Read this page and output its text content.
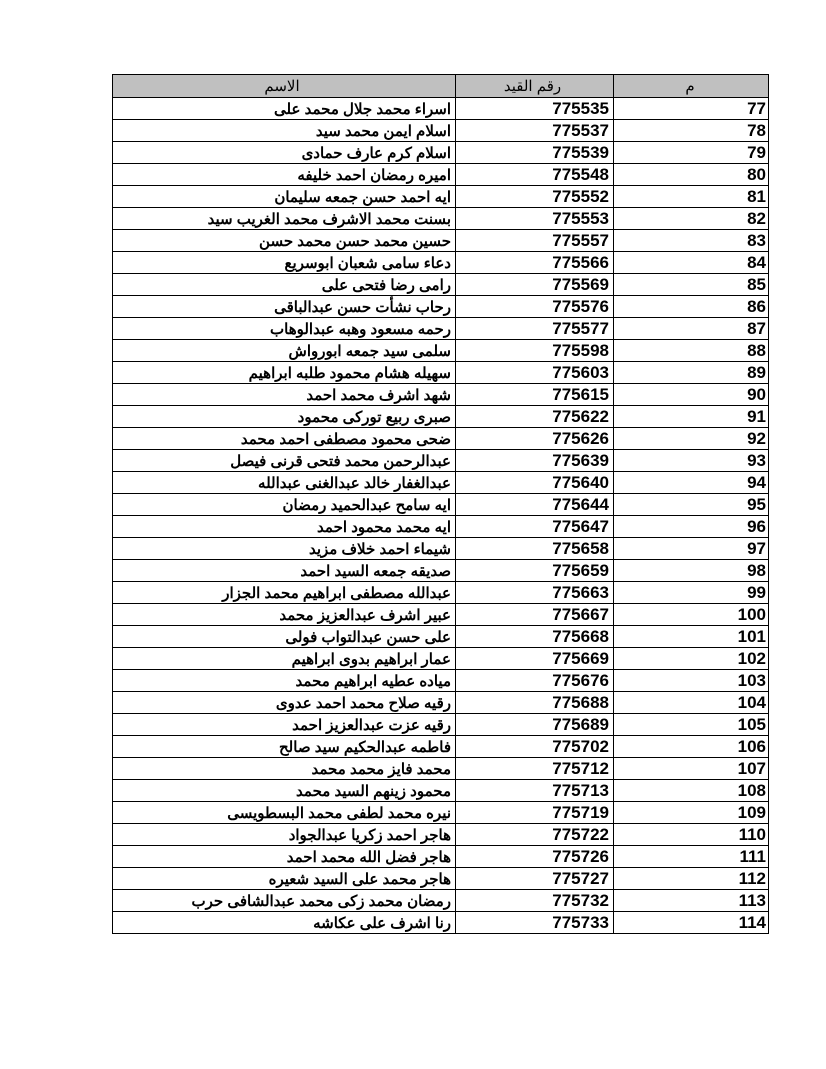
الاسم	رقم القيد	م
اسراء محمد جلال محمد على	775535	77
اسلام ايمن محمد سيد	775537	78
اسلام كرم عارف حمادى	775539	79
اميره رمضان احمد خليفه	775548	80
ايه احمد حسن جمعه سليمان	775552	81
بسنت محمد الاشرف محمد الغريب سيد	775553	82
حسين محمد حسن محمد حسن	775557	83
دعاء سامى شعبان ابوسريع	775566	84
رامى رضا فتحى على	775569	85
رحاب نشأت حسن عبدالباقى	775576	86
رحمه مسعود وهبه عبدالوهاب	775577	87
سلمى سيد جمعه ابورواش	775598	88
سهيله هشام محمود طلبه ابراهيم	775603	89
شهد اشرف محمد احمد	775615	90
صبرى ربيع توركى محمود	775622	91
ضحى محمود مصطفى احمد محمد	775626	92
عبدالرحمن محمد فتحى قرنى فيصل	775639	93
عبدالغفار خالد عبدالغنى عبدالله	775640	94
ايه سامح عبدالحميد رمضان	775644	95
ايه محمد محمود احمد	775647	96
شيماء احمد خلاف مزيد	775658	97
صديقه جمعه السيد احمد	775659	98
عبدالله مصطفى ابراهيم محمد الجزار	775663	99
عبير اشرف عبدالعزيز محمد	775667	100
على حسن عبدالتواب فولى	775668	101
عمار ابراهيم بدوى ابراهيم	775669	102
مياده عطيه ابراهيم محمد	775676	103
رقيه صلاح محمد احمد عدوى	775688	104
رقيه عزت عبدالعزيز احمد	775689	105
فاطمه عبدالحكيم سيد صالح	775702	106
محمد فايز محمد محمد	775712	107
محمود زينهم السيد محمد	775713	108
نيره محمد لطفى محمد البسطويسى	775719	109
هاجر احمد زكريا عبدالجواد	775722	110
هاجر فضل الله محمد احمد	775726	111
هاجر محمد على السيد شعيره	775727	112
رمضان محمد زكى محمد عبدالشافى حرب	775732	113
رنا اشرف على عكاشه	775733	114
